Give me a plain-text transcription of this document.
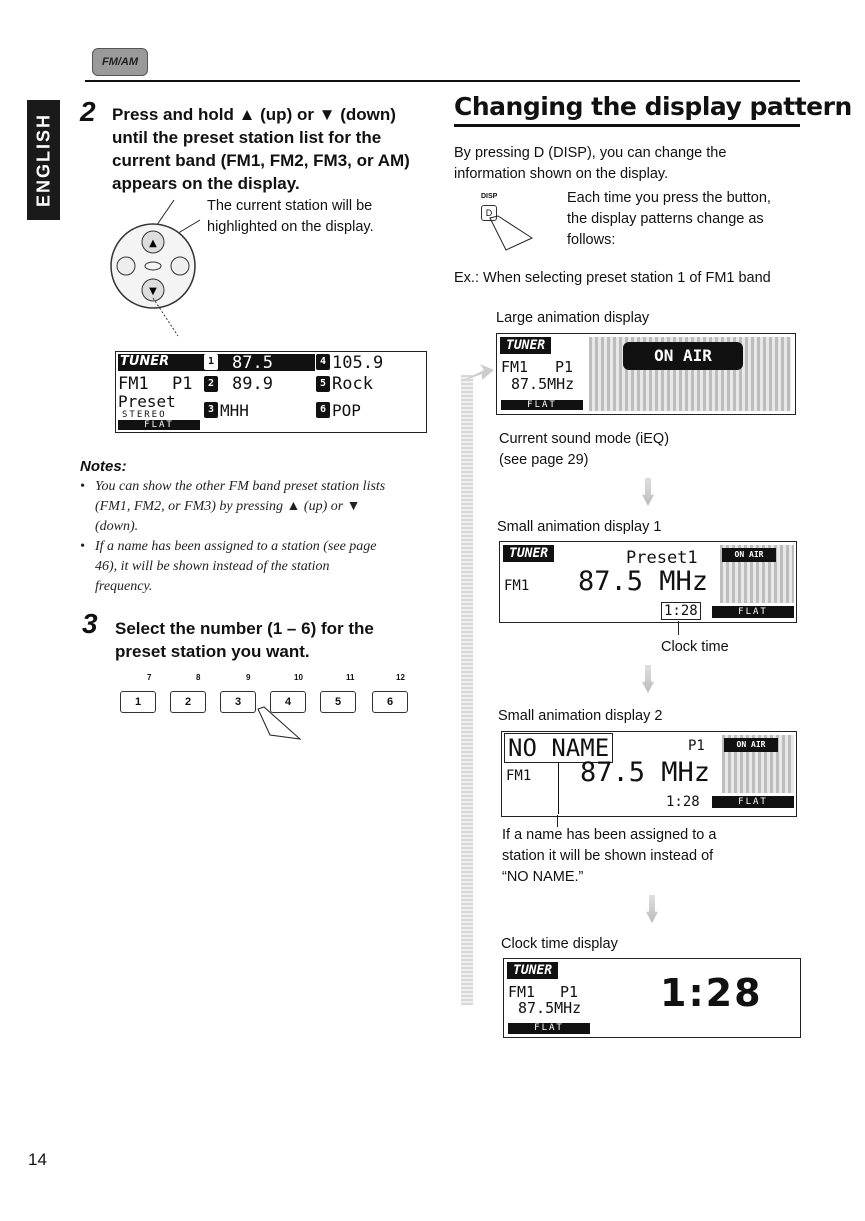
ENGLISH
FM/AM
2 Press and hold ▲ (up) or ▼ (down)
until the preset station list for the
current band (FM1, FM2, FM3, or AM)
appears on the display.
▲
▼
The current station will be
highlighted on the display.
TUNER	1 87.5	4 105.9
FM1 P1	2 89.9	5 Rock
Preset
STEREO
FLAT
3 MHH	6 POP
Notes:
• You can show the other FM band preset station lists
(FM1, FM2, or FM3) by pressing ▲ (up) or ▼
(down).
• If a name has been assigned to a station (see page
46), it will be shown instead of the station
frequency.
3 Select the number (1 – 6) for the
preset station you want.
7	8	9	10	11	12
1	2	3	4	5	6
Changing the display pattern
By pressing D (DISP), you can change the
information shown on the display.
DISP
D
Each time you press the button,
the display patterns change as
follows:
Ex.: When selecting preset station 1 of FM1 band
Large animation display
TUNER
FM1 P1
87.5MHz
FLAT
ON AIR
Current sound mode (iEQ)
(see page 29)
Small animation display 1
TUNER	Preset1
FM1 87.5 MHz
1:28	FLAT
ON AIR
Clock time
Small animation display 2
NO NAME	P1
FM1 87.5 MHz
1:28	FLAT
ON AIR
If a name has been assigned to a
station it will be shown instead of
“NO NAME.”
Clock time display
TUNER
FM1 P1
87.5MHz
FLAT
1:28
14
